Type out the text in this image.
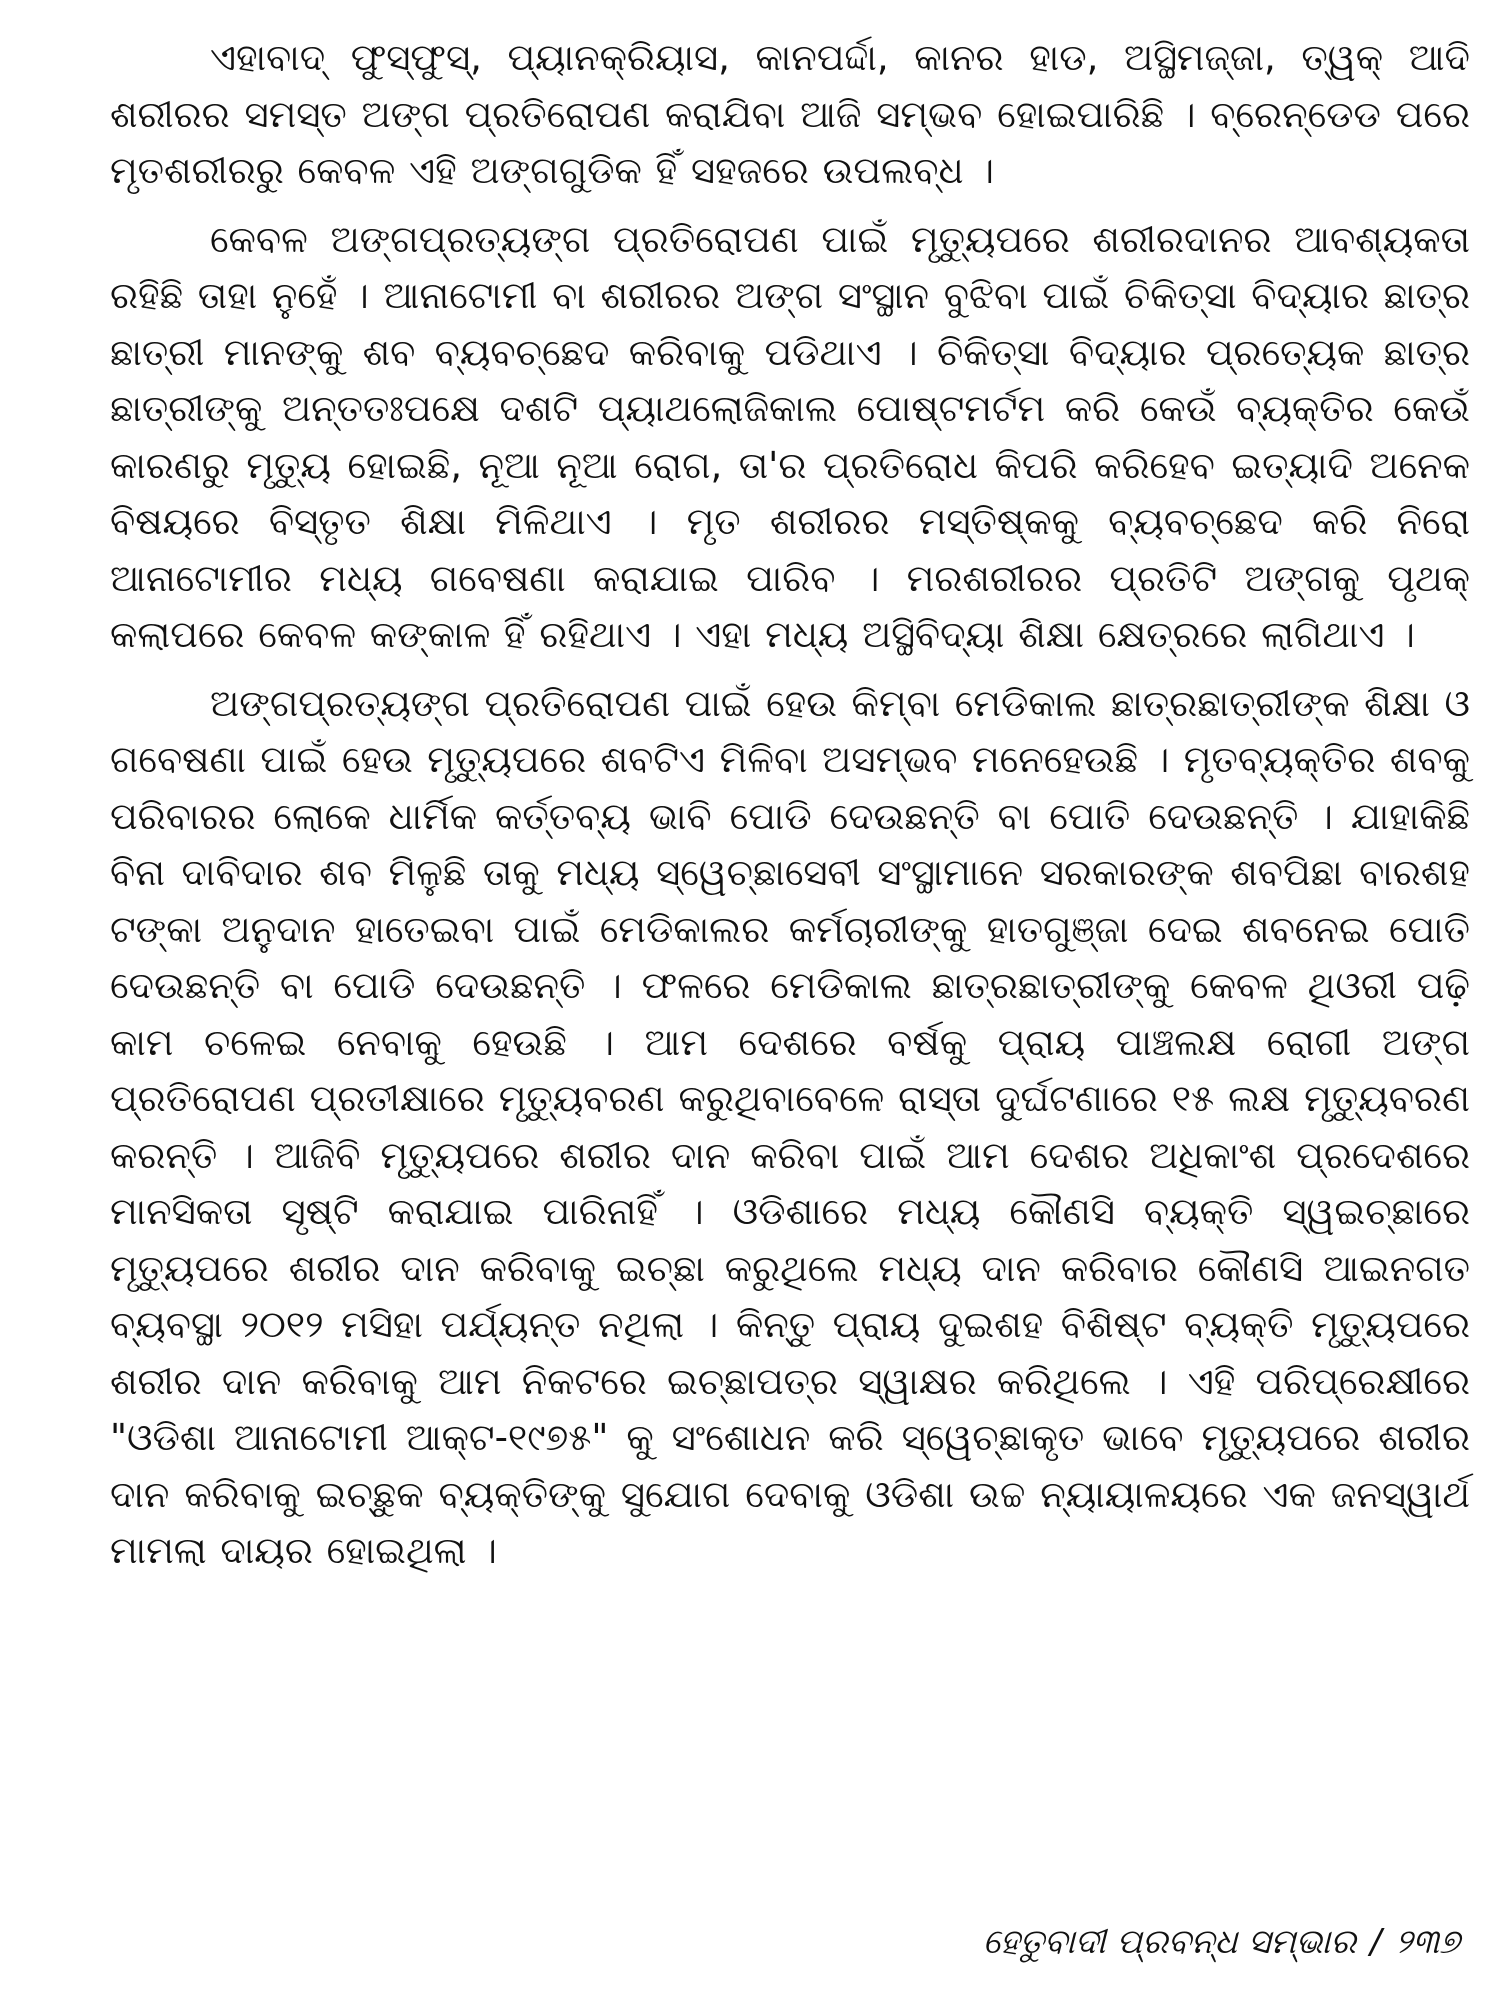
ଏହାବାଦ୍ ଫୁସ୍‌ଫୁସ୍, ପ୍ୟାନକ୍ରିୟାସ, କାନପର୍ଦ୍ଦା, କାନର ହାଡ, ଅସ୍ଥିମଜ୍ଜା, ତ୍ୱକ୍ ଆଦି ଶରୀରର ସମସ୍ତ ଅଙ୍ଗ ପ୍ରତିରୋପଣ କରାଯିବା ଆଜି ସମ୍ଭବ ହୋଇପାରିଛି । ବ୍ରେନ୍‌ଡେଡ ପରେ ମୃତଶରୀରରୁ କେବଳ ଏହି ଅଙ୍ଗଗୁଡିକ ହିଁ ସହଜରେ ଉପଲବ୍ଧ ।

କେବଳ ଅଙ୍ଗପ୍ରତ୍ୟଙ୍ଗ ପ୍ରତିରୋପଣ ପାଇଁ ମୃତ୍ୟୁପରେ ଶରୀରଦାନର ଆବଶ୍ୟକତା ରହିଛି ତାହା ନୁହେଁ । ଆନାଟୋମୀ ବା ଶରୀରର ଅଙ୍ଗ ସଂସ୍ଥାନ ବୁଝିବା ପାଇଁ ଚିକିତ୍ସା ବିଦ୍ୟାର ଛାତ୍ର ଛାତ୍ରୀ ମାନଙ୍କୁ ଶବ ବ୍ୟବଚ୍ଛେଦ କରିବାକୁ ପଡିଥାଏ । ଚିକିତ୍ସା ବିଦ୍ୟାର ପ୍ରତ୍ୟେକ ଛାତ୍ର ଛାତ୍ରୀଙ୍କୁ ଅନ୍ତତଃପକ୍ଷେ ଦଶଟି ପ୍ୟାଥଲୋଜିକାଲ ପୋଷ୍ଟମର୍ଟମ କରି କେଉଁ ବ୍ୟକ୍ତିର କେଉଁ କାରଣରୁ ମୃତ୍ୟୁ ହୋଇଛି, ନୂଆ ନୂଆ ରୋଗ, ତା'ର ପ୍ରତିରୋଧ କିପରି କରିହେବ ଇତ୍ୟାଦି ଅନେକ ବିଷୟରେ ବିସ୍ତୃତ ଶିକ୍ଷା ମିଳିଥାଏ । ମୃତ ଶରୀରର ମସ୍ତିଷ୍କକୁ ବ୍ୟବଚ୍ଛେଦ କରି ନିରୋ ଆନାଟୋମୀର ମଧ୍ୟ ଗବେଷଣା କରାଯାଇ ପାରିବ । ମରଶରୀରର ପ୍ରତିଟି ଅଙ୍ଗକୁ ପୃଥକ୍ କଲାପରେ କେବଳ କଙ୍କାଳ ହିଁ ରହିଥାଏ । ଏହା ମଧ୍ୟ ଅସ୍ଥିବିଦ୍ୟା ଶିକ୍ଷା କ୍ଷେତ୍ରରେ ଲାଗିଥାଏ ।

ଅଙ୍ଗପ୍ରତ୍ୟଙ୍ଗ ପ୍ରତିରୋପଣ ପାଇଁ ହେଉ କିମ୍ବା ମେଡିକାଲ ଛାତ୍ରଛାତ୍ରୀଙ୍କ ଶିକ୍ଷା ଓ ଗବେଷଣା ପାଇଁ ହେଉ ମୃତ୍ୟୁପରେ ଶବଟିଏ ମିଳିବା ଅସମ୍ଭବ ମନେହେଉଛି । ମୃତବ୍ୟକ୍ତିର ଶବକୁ ପରିବାରର ଲୋକେ ଧାର୍ମିକ କର୍ତ୍ତବ୍ୟ ଭାବି ପୋଡି ଦେଉଛନ୍ତି ବା ପୋତି ଦେଉଛନ୍ତି । ଯାହାକିଛି ବିନା ଦାବିଦାର ଶବ ମିଳୁଛି ତାକୁ ମଧ୍ୟ ସ୍ୱେଚ୍ଛାସେବୀ ସଂସ୍ଥାମାନେ ସରକାରଙ୍କ ଶବପିଛା ବାରଶହ ଟଙ୍କା ଅନୁଦାନ ହାତେଇବା ପାଇଁ ମେଡିକାଲର କର୍ମଚାରୀଙ୍କୁ ହାତଗୁଞ୍ଜା ଦେଇ ଶବନେଇ ପୋତି ଦେଉଛନ୍ତି ବା ପୋଡି ଦେଉଛନ୍ତି । ଫଳରେ ମେଡିକାଲ ଛାତ୍ରଛାତ୍ରୀଙ୍କୁ କେବଳ ଥିଓରୀ ପଢ଼ି କାମ ଚଳେଇ ନେବାକୁ ହେଉଛି । ଆମ ଦେଶରେ ବର୍ଷକୁ ପ୍ରାୟ ପାଞ୍ଚଲକ୍ଷ ରୋଗୀ ଅଙ୍ଗ ପ୍ରତିରୋପଣ ପ୍ରତୀକ୍ଷାରେ ମୃତ୍ୟୁବରଣ କରୁଥିବାବେଳେ ରାସ୍ତା ଦୁର୍ଘଟଣାରେ ୧୫ ଲକ୍ଷ ମୃତ୍ୟୁବରଣ କରନ୍ତି । ଆଜିବି ମୃତ୍ୟୁପରେ ଶରୀର ଦାନ କରିବା ପାଇଁ ଆମ ଦେଶର ଅଧିକାଂଶ ପ୍ରଦେଶରେ ମାନସିକତା ସୃଷ୍ଟି କରାଯାଇ ପାରିନାହିଁ । ଓଡିଶାରେ ମଧ୍ୟ କୌଣସି ବ୍ୟକ୍ତି ସ୍ୱଇଚ୍ଛାରେ ମୃତ୍ୟୁପରେ ଶରୀର ଦାନ କରିବାକୁ ଇଚ୍ଛା କରୁଥିଲେ ମଧ୍ୟ ଦାନ କରିବାର କୌଣସି ଆଇନଗତ ବ୍ୟବସ୍ଥା ୨୦୧୨ ମସିହା ପର୍ଯ୍ୟନ୍ତ ନଥିଲା । କିନ୍ତୁ ପ୍ରାୟ ଦୁଇଶହ ବିଶିଷ୍ଟ ବ୍ୟକ୍ତି ମୃତ୍ୟୁପରେ ଶରୀର ଦାନ କରିବାକୁ ଆମ ନିକଟରେ ଇଚ୍ଛାପତ୍ର ସ୍ୱାକ୍ଷର କରିଥିଲେ । ଏହି ପରିପ୍ରେକ୍ଷୀରେ "ଓଡିଶା ଆନାଟୋମୀ ଆକ୍ଟ-୧୯୭୫" କୁ ସଂଶୋଧନ କରି ସ୍ୱେଚ୍ଛାକୃତ ଭାବେ ମୃତ୍ୟୁପରେ ଶରୀର ଦାନ କରିବାକୁ ଇଚ୍ଛୁକ ବ୍ୟକ୍ତିଙ୍କୁ ସୁଯୋଗ ଦେବାକୁ ଓଡିଶା ଉଚ୍ଚ ନ୍ୟାୟାଳୟରେ ଏକ ଜନସ୍ୱାର୍ଥ ମାମଲା ଦାୟର ହୋଇଥିଲା ।

ହେତୁବାଦୀ ପ୍ରବନ୍ଧ ସମ୍ଭାର / ୨୩୭
